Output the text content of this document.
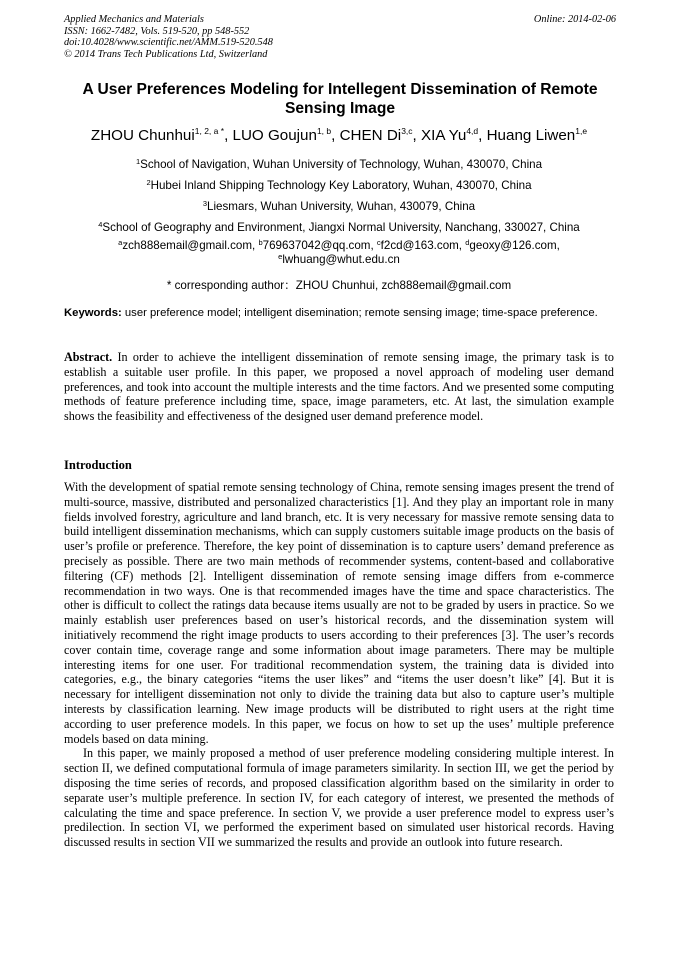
Applied Mechanics and Materials
ISSN: 1662-7482, Vols. 519-520, pp 548-552
doi:10.4028/www.scientific.net/AMM.519-520.548
© 2014 Trans Tech Publications Ltd, Switzerland
Online: 2014-02-06
A User Preferences Modeling for Intellegent Dissemination of Remote Sensing Image
ZHOU Chunhui$^{1, 2, a *}$, LUO Goujun$^{1, b}$, CHEN Di$^{3,c}$, XIA Yu$^{4,d}$, Huang Liwen$^{1,e}$
$^1$School of Navigation, Wuhan University of Technology, Wuhan, 430070, China
$^2$Hubei Inland Shipping Technology Key Laboratory, Wuhan, 430070, China
$^3$Liesmars, Wuhan University, Wuhan, 430079, China
$^4$School of Geography and Environment, Jiangxi Normal University, Nanchang, 330027, China
$^a$zch888email@gmail.com, $^b$769637042@qq.com, $^c$f2cd@163.com, $^d$geoxy@126.com,
$^e$lwhuang@whut.edu.cn
* corresponding author：ZHOU Chunhui, zch888email@gmail.com
Keywords: user preference model; intelligent disemination; remote sensing image; time-space preference.
Abstract. In order to achieve the intelligent dissemination of remote sensing image, the primary task is to establish a suitable user profile. In this paper, we proposed a novel approach of modeling user demand preferences, and took into account the multiple interests and the time factors. And we presented some computing methods of feature preference including time, space, image parameters, etc. At last, the simulation example shows the feasibility and effectiveness of the designed user demand preference model.
Introduction

With the development of spatial remote sensing technology of China, remote sensing images present the trend of multi-source, massive, distributed and personalized characteristics [1]. And they play an important role in many fields involved forestry, agriculture and land branch, etc. It is very necessary for massive remote sensing data to build intelligent dissemination mechanisms, which can supply customers suitable image products on the basis of user’s profile or preference. Therefore, the key point of dissemination is to capture users’ demand preference as precisely as possible. There are two main methods of recommender systems, content-based and collaborative filtering (CF) methods [2]. Intelligent dissemination of remote sensing image differs from e-commerce recommendation in two ways. One is that recommended images have the time and space characteristics. The other is difficult to collect the ratings data because items usually are not to be graded by users in practice. So we mainly establish user preferences based on user’s historical records, and the dissemination system will initiatively recommend the right image products to users according to their preferences [3]. The user’s records cover contain time, coverage range and some information about image parameters. There may be multiple interesting items for one user. For traditional recommendation system, the training data is divided into categories, e.g., the binary categories “items the user likes” and “items the user doesn’t like” [4]. But it is necessary for intelligent dissemination not only to divide the training data but also to capture user’s multiple interests by classification learning. New image products will be distributed to right users at the right time according to user preference models. In this paper, we focus on how to set up the uses’ multiple preference models based on data mining.

In this paper, we mainly proposed a method of user preference modeling considering multiple interest. In section II, we defined computational formula of image parameters similarity. In section III, we get the period by disposing the time series of records, and proposed classification algorithm based on the similarity in order to separate user’s multiple preference. In section IV, for each category of interest, we presented the methods of calculating the time and space preference. In section V, we provide a user preference model to express user’s predilection. In section VI, we performed the experiment based on simulated user historical records. Having discussed results in section VII we summarized the results and provide an outlook into future research.
